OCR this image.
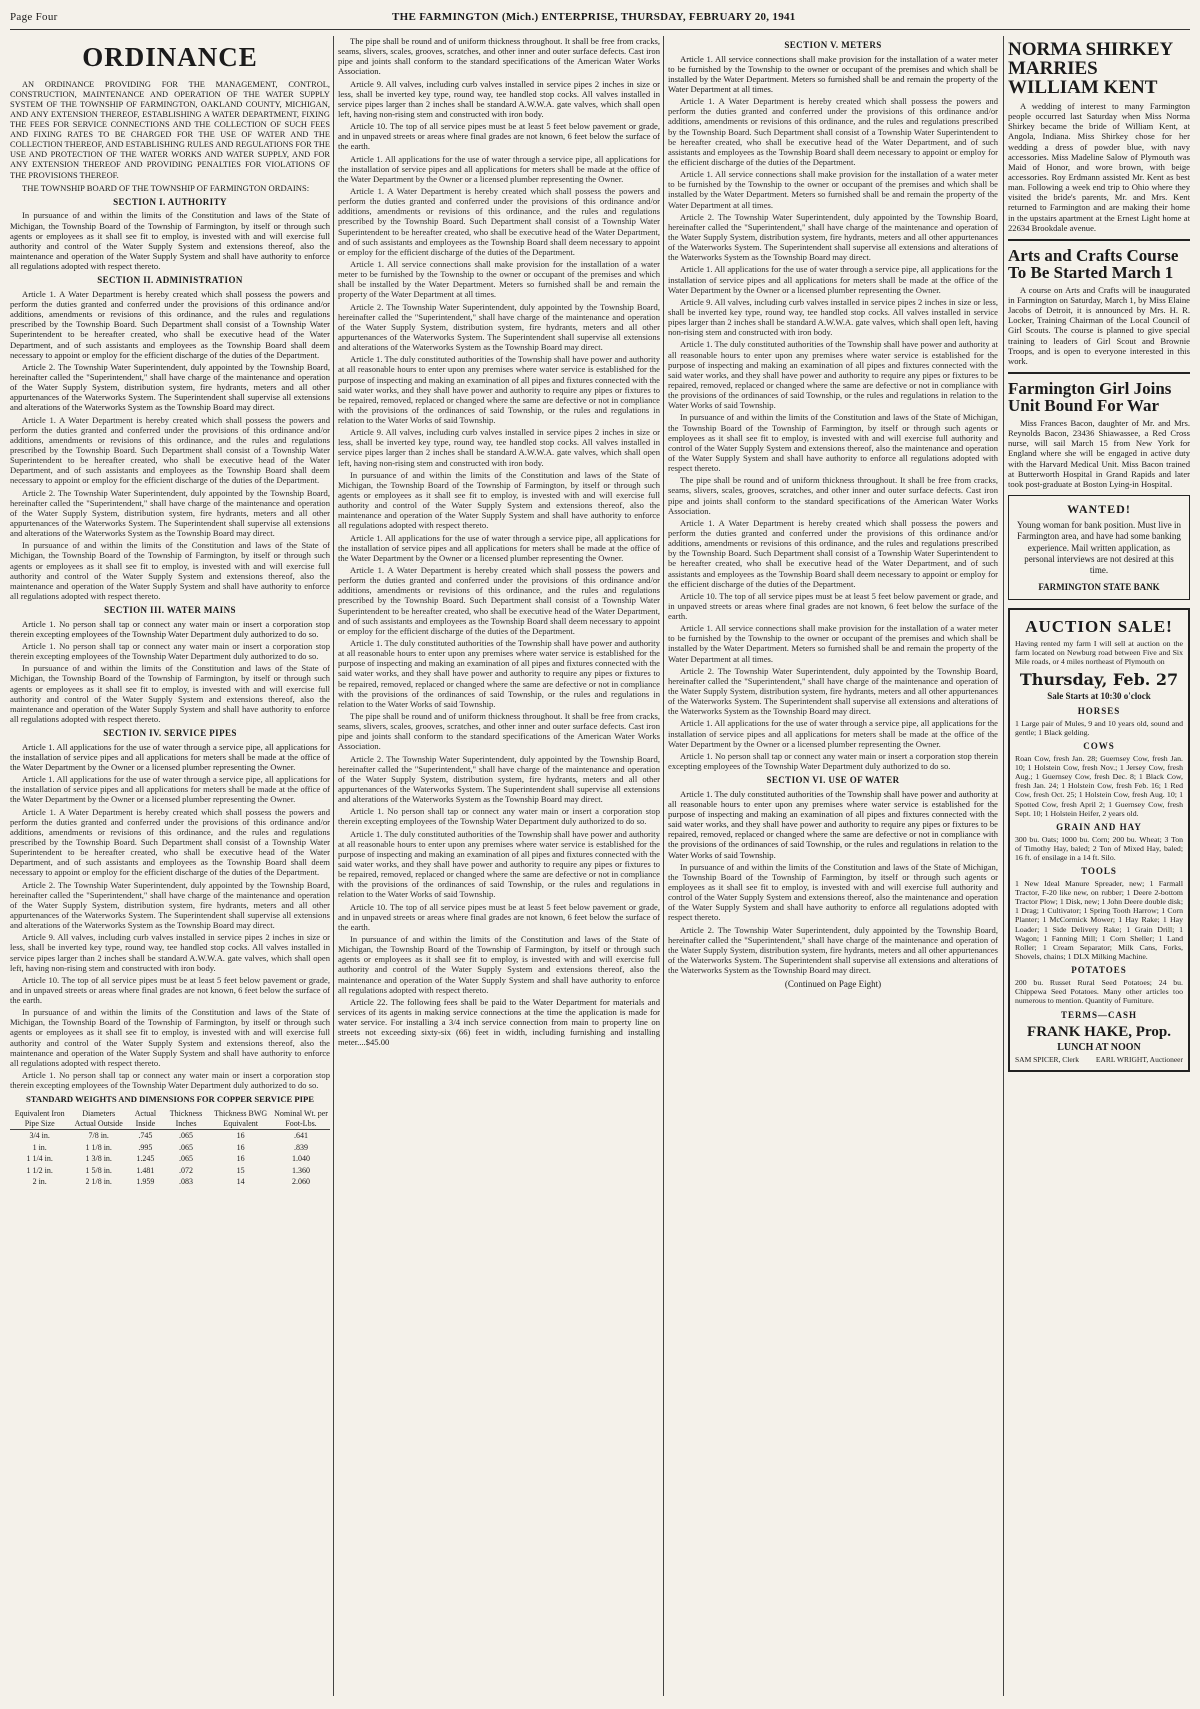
Page Four	THE FARMINGTON (Mich.) ENTERPRISE, THURSDAY, FEBRUARY 20, 1941
ORDINANCE

AN ORDINANCE PROVIDING FOR THE MANAGEMENT, CONTROL, CONSTRUCTION, MAINTENANCE AND OPERATION OF THE WATER SUPPLY SYSTEM OF THE TOWNSHIP OF FARMINGTON, OAKLAND COUNTY, MICHIGAN, AND ANY EXTENSION THEREOF, ESTABLISHING A WATER DEPARTMENT, FIXING THE FEES FOR SERVICE CONNECTIONS AND THE COLLECTION OF SUCH FEES AND FIXING RATES TO BE CHARGED FOR THE USE OF WATER AND THE COLLECTION THEREOF, AND ESTABLISHING RULES AND REGULATIONS FOR THE USE AND PROTECTION OF THE WATER WORKS AND WATER SUPPLY, AND FOR ANY EXTENSION THEREOF AND PROVIDING PENALTIES FOR VIOLATIONS OF THE PROVISIONS THEREOF.

THE TOWNSHIP BOARD OF THE TOWNSHIP OF FARMINGTON ORDAINS:

SECTION I. AUTHORITY

In pursuance of and within the limits of the Constitution and laws of the State of Michigan, the Township Board of the Township of Farmington, by itself or through such agents or employees as it shall see fit to employ, is invested with and will exercise full authority and control of the Water Supply System and extensions thereof, also the maintenance and operation of the Water Supply System and shall have authority to enforce all regulations adopted with respect thereto.

SECTION II. ADMINISTRATION

Article 1. A Water Department is hereby created which shall possess the powers and perform the duties granted and conferred under the provisions of this ordinance and/or additions, amendments or revisions of this ordinance, and the rules and regulations prescribed by the Township Board. Such Department shall consist of a Township Water Superintendent to be hereafter created, who shall be executive head of the Water Department, and of such assistants and employees as the Township Board shall deem necessary to appoint or employ for the efficient discharge of the duties of the Department.

Article 2. The Township Water Superintendent, duly appointed by the Township Board, hereinafter called the "Superintendent," shall have charge of the maintenance and operation of the Water Supply System, distribution system, fire hydrants, meters and all other appurtenances of the Waterworks System. The Superintendent shall supervise all extensions and alterations of the Waterworks System as the Township Board may direct.

Article 1. A Water Department is hereby created which shall possess the powers and perform the duties granted and conferred under the provisions of this ordinance and/or additions, amendments or revisions of this ordinance, and the rules and regulations prescribed by the Township Board. Such Department shall consist of a Township Water Superintendent to be hereafter created, who shall be executive head of the Water Department, and of such assistants and employees as the Township Board shall deem necessary to appoint or employ for the efficient discharge of the duties of the Department.
Article 2. The Township Water Superintendent, duly appointed by the Township Board, hereinafter called the "Superintendent," shall have charge of the maintenance and operation of the Water Supply System, distribution system, fire hydrants, meters and all other appurtenances of the Waterworks System. The Superintendent shall supervise all extensions and alterations of the Waterworks System as the Township Board may direct.
In pursuance of and within the limits of the Constitution and laws of the State of Michigan, the Township Board of the Township of Farmington, by itself or through such agents or employees as it shall see fit to employ, is invested with and will exercise full authority and control of the Water Supply System and extensions thereof, also the maintenance and operation of the Water Supply System and shall have authority to enforce all regulations adopted with respect thereto.
SECTION III. WATER MAINS

Article 1. No person shall tap or connect any water main or insert a corporation stop therein excepting employees of the Township Water Department duly authorized to do so.

Article 1. No person shall tap or connect any water main or insert a corporation stop therein excepting employees of the Township Water Department duly authorized to do so.
In pursuance of and within the limits of the Constitution and laws of the State of Michigan, the Township Board of the Township of Farmington, by itself or through such agents or employees as it shall see fit to employ, is invested with and will exercise full authority and control of the Water Supply System and extensions thereof, also the maintenance and operation of the Water Supply System and shall have authority to enforce all regulations adopted with respect thereto.
SECTION IV. SERVICE PIPES

Article 1. All applications for the use of water through a service pipe, all applications for the installation of service pipes and all applications for meters shall be made at the office of the Water Department by the Owner or a licensed plumber representing the Owner.

Article 1. All applications for the use of water through a service pipe, all applications for the installation of service pipes and all applications for meters shall be made at the office of the Water Department by the Owner or a licensed plumber representing the Owner.
Article 1. A Water Department is hereby created which shall possess the powers and perform the duties granted and conferred under the provisions of this ordinance and/or additions, amendments or revisions of this ordinance, and the rules and regulations prescribed by the Township Board. Such Department shall consist of a Township Water Superintendent to be hereafter created, who shall be executive head of the Water Department, and of such assistants and employees as the Township Board shall deem necessary to appoint or employ for the efficient discharge of the duties of the Department.
Article 2. The Township Water Superintendent, duly appointed by the Township Board, hereinafter called the "Superintendent," shall have charge of the maintenance and operation of the Water Supply System, distribution system, fire hydrants, meters and all other appurtenances of the Waterworks System. The Superintendent shall supervise all extensions and alterations of the Waterworks System as the Township Board may direct.
Article 9. All valves, including curb valves installed in service pipes 2 inches in size or less, shall be inverted key type, round way, tee handled stop cocks. All valves installed in service pipes larger than 2 inches shall be standard A.W.W.A. gate valves, which shall open left, having non-rising stem and constructed with iron body.
Article 10. The top of all service pipes must be at least 5 feet below pavement or grade, and in unpaved streets or areas where final grades are not known, 6 feet below the surface of the earth.
In pursuance of and within the limits of the Constitution and laws of the State of Michigan, the Township Board of the Township of Farmington, by itself or through such agents or employees as it shall see fit to employ, is invested with and will exercise full authority and control of the Water Supply System and extensions thereof, also the maintenance and operation of the Water Supply System and shall have authority to enforce all regulations adopted with respect thereto.
Article 1. No person shall tap or connect any water main or insert a corporation stop therein excepting employees of the Township Water Department duly authorized to do so.
STANDARD WEIGHTS AND DIMENSIONS FOR COPPER SERVICE PIPE
Equivalent Iron Pipe Size	Diameters Actual Outside	Actual Inside	Thickness Inches	Thickness BWG Equivalent	Nominal Wt. per Foot-Lbs.
3/4 in.	7/8 in.	.745	.065	16	.641
1 in.	1 1/8 in.	.995	.065	16	.839
1 1/4 in.	1 3/8 in.	1.245	.065	16	1.040
1 1/2 in.	1 5/8 in.	1.481	.072	15	1.360
2 in.	2 1/8 in.	1.959	.083	14	2.060

The pipe shall be round and of uniform thickness throughout. It shall be free from cracks, seams, slivers, scales, grooves, scratches, and other inner and outer surface defects. Cast iron pipe and joints shall conform to the standard specifications of the American Water Works Association.

Article 9. All valves, including curb valves installed in service pipes 2 inches in size or less, shall be inverted key type, round way, tee handled stop cocks. All valves installed in service pipes larger than 2 inches shall be standard A.W.W.A. gate valves, which shall open left, having non-rising stem and constructed with iron body.

Article 10. The top of all service pipes must be at least 5 feet below pavement or grade, and in unpaved streets or areas where final grades are not known, 6 feet below the surface of the earth.

Article 1. All applications for the use of water through a service pipe, all applications for the installation of service pipes and all applications for meters shall be made at the office of the Water Department by the Owner or a licensed plumber representing the Owner.
Article 1. A Water Department is hereby created which shall possess the powers and perform the duties granted and conferred under the provisions of this ordinance and/or additions, amendments or revisions of this ordinance, and the rules and regulations prescribed by the Township Board. Such Department shall consist of a Township Water Superintendent to be hereafter created, who shall be executive head of the Water Department, and of such assistants and employees as the Township Board shall deem necessary to appoint or employ for the efficient discharge of the duties of the Department.
Article 1. All service connections shall make provision for the installation of a water meter to be furnished by the Township to the owner or occupant of the premises and which shall be installed by the Water Department. Meters so furnished shall be and remain the property of the Water Department at all times.
Article 2. The Township Water Superintendent, duly appointed by the Township Board, hereinafter called the "Superintendent," shall have charge of the maintenance and operation of the Water Supply System, distribution system, fire hydrants, meters and all other appurtenances of the Waterworks System. The Superintendent shall supervise all extensions and alterations of the Waterworks System as the Township Board may direct.
Article 1. The duly constituted authorities of the Township shall have power and authority at all reasonable hours to enter upon any premises where water service is established for the purpose of inspecting and making an examination of all pipes and fixtures connected with the said water works, and they shall have power and authority to require any pipes or fixtures to be repaired, removed, replaced or changed where the same are defective or not in compliance with the provisions of the ordinances of said Township, or the rules and regulations in relation to the Water Works of said Township.
Article 9. All valves, including curb valves installed in service pipes 2 inches in size or less, shall be inverted key type, round way, tee handled stop cocks. All valves installed in service pipes larger than 2 inches shall be standard A.W.W.A. gate valves, which shall open left, having non-rising stem and constructed with iron body.
In pursuance of and within the limits of the Constitution and laws of the State of Michigan, the Township Board of the Township of Farmington, by itself or through such agents or employees as it shall see fit to employ, is invested with and will exercise full authority and control of the Water Supply System and extensions thereof, also the maintenance and operation of the Water Supply System and shall have authority to enforce all regulations adopted with respect thereto.
Article 1. All applications for the use of water through a service pipe, all applications for the installation of service pipes and all applications for meters shall be made at the office of the Water Department by the Owner or a licensed plumber representing the Owner.
Article 1. A Water Department is hereby created which shall possess the powers and perform the duties granted and conferred under the provisions of this ordinance and/or additions, amendments or revisions of this ordinance, and the rules and regulations prescribed by the Township Board. Such Department shall consist of a Township Water Superintendent to be hereafter created, who shall be executive head of the Water Department, and of such assistants and employees as the Township Board shall deem necessary to appoint or employ for the efficient discharge of the duties of the Department.
Article 1. The duly constituted authorities of the Township shall have power and authority at all reasonable hours to enter upon any premises where water service is established for the purpose of inspecting and making an examination of all pipes and fixtures connected with the said water works, and they shall have power and authority to require any pipes or fixtures to be repaired, removed, replaced or changed where the same are defective or not in compliance with the provisions of the ordinances of said Township, or the rules and regulations in relation to the Water Works of said Township.
The pipe shall be round and of uniform thickness throughout. It shall be free from cracks, seams, slivers, scales, grooves, scratches, and other inner and outer surface defects. Cast iron pipe and joints shall conform to the standard specifications of the American Water Works Association.
Article 2. The Township Water Superintendent, duly appointed by the Township Board, hereinafter called the "Superintendent," shall have charge of the maintenance and operation of the Water Supply System, distribution system, fire hydrants, meters and all other appurtenances of the Waterworks System. The Superintendent shall supervise all extensions and alterations of the Waterworks System as the Township Board may direct.
Article 1. No person shall tap or connect any water main or insert a corporation stop therein excepting employees of the Township Water Department duly authorized to do so.
Article 1. The duly constituted authorities of the Township shall have power and authority at all reasonable hours to enter upon any premises where water service is established for the purpose of inspecting and making an examination of all pipes and fixtures connected with the said water works, and they shall have power and authority to require any pipes or fixtures to be repaired, removed, replaced or changed where the same are defective or not in compliance with the provisions of the ordinances of said Township, or the rules and regulations in relation to the Water Works of said Township.
Article 10. The top of all service pipes must be at least 5 feet below pavement or grade, and in unpaved streets or areas where final grades are not known, 6 feet below the surface of the earth.
In pursuance of and within the limits of the Constitution and laws of the State of Michigan, the Township Board of the Township of Farmington, by itself or through such agents or employees as it shall see fit to employ, is invested with and will exercise full authority and control of the Water Supply System and extensions thereof, also the maintenance and operation of the Water Supply System and shall have authority to enforce all regulations adopted with respect thereto.

Article 22. The following fees shall be paid to the Water Department for materials and services of its agents in making service connections at the time the application is made for water service. For installing a 3/4 inch service connection from main to property line on streets not exceeding sixty-six (66) feet in width, including furnishing and installing meter....$45.00

SECTION V. METERS

Article 1. All service connections shall make provision for the installation of a water meter to be furnished by the Township to the owner or occupant of the premises and which shall be installed by the Water Department. Meters so furnished shall be and remain the property of the Water Department at all times.

Article 1. A Water Department is hereby created which shall possess the powers and perform the duties granted and conferred under the provisions of this ordinance and/or additions, amendments or revisions of this ordinance, and the rules and regulations prescribed by the Township Board. Such Department shall consist of a Township Water Superintendent to be hereafter created, who shall be executive head of the Water Department, and of such assistants and employees as the Township Board shall deem necessary to appoint or employ for the efficient discharge of the duties of the Department.
Article 1. All service connections shall make provision for the installation of a water meter to be furnished by the Township to the owner or occupant of the premises and which shall be installed by the Water Department. Meters so furnished shall be and remain the property of the Water Department at all times.
Article 2. The Township Water Superintendent, duly appointed by the Township Board, hereinafter called the "Superintendent," shall have charge of the maintenance and operation of the Water Supply System, distribution system, fire hydrants, meters and all other appurtenances of the Waterworks System. The Superintendent shall supervise all extensions and alterations of the Waterworks System as the Township Board may direct.
Article 1. All applications for the use of water through a service pipe, all applications for the installation of service pipes and all applications for meters shall be made at the office of the Water Department by the Owner or a licensed plumber representing the Owner.
Article 9. All valves, including curb valves installed in service pipes 2 inches in size or less, shall be inverted key type, round way, tee handled stop cocks. All valves installed in service pipes larger than 2 inches shall be standard A.W.W.A. gate valves, which shall open left, having non-rising stem and constructed with iron body.
Article 1. The duly constituted authorities of the Township shall have power and authority at all reasonable hours to enter upon any premises where water service is established for the purpose of inspecting and making an examination of all pipes and fixtures connected with the said water works, and they shall have power and authority to require any pipes or fixtures to be repaired, removed, replaced or changed where the same are defective or not in compliance with the provisions of the ordinances of said Township, or the rules and regulations in relation to the Water Works of said Township.
In pursuance of and within the limits of the Constitution and laws of the State of Michigan, the Township Board of the Township of Farmington, by itself or through such agents or employees as it shall see fit to employ, is invested with and will exercise full authority and control of the Water Supply System and extensions thereof, also the maintenance and operation of the Water Supply System and shall have authority to enforce all regulations adopted with respect thereto.
The pipe shall be round and of uniform thickness throughout. It shall be free from cracks, seams, slivers, scales, grooves, scratches, and other inner and outer surface defects. Cast iron pipe and joints shall conform to the standard specifications of the American Water Works Association.
Article 1. A Water Department is hereby created which shall possess the powers and perform the duties granted and conferred under the provisions of this ordinance and/or additions, amendments or revisions of this ordinance, and the rules and regulations prescribed by the Township Board. Such Department shall consist of a Township Water Superintendent to be hereafter created, who shall be executive head of the Water Department, and of such assistants and employees as the Township Board shall deem necessary to appoint or employ for the efficient discharge of the duties of the Department.
Article 10. The top of all service pipes must be at least 5 feet below pavement or grade, and in unpaved streets or areas where final grades are not known, 6 feet below the surface of the earth.
Article 1. All service connections shall make provision for the installation of a water meter to be furnished by the Township to the owner or occupant of the premises and which shall be installed by the Water Department. Meters so furnished shall be and remain the property of the Water Department at all times.
Article 2. The Township Water Superintendent, duly appointed by the Township Board, hereinafter called the "Superintendent," shall have charge of the maintenance and operation of the Water Supply System, distribution system, fire hydrants, meters and all other appurtenances of the Waterworks System. The Superintendent shall supervise all extensions and alterations of the Waterworks System as the Township Board may direct.
Article 1. All applications for the use of water through a service pipe, all applications for the installation of service pipes and all applications for meters shall be made at the office of the Water Department by the Owner or a licensed plumber representing the Owner.
Article 1. No person shall tap or connect any water main or insert a corporation stop therein excepting employees of the Township Water Department duly authorized to do so.
SECTION VI. USE OF WATER

Article 1. The duly constituted authorities of the Township shall have power and authority at all reasonable hours to enter upon any premises where water service is established for the purpose of inspecting and making an examination of all pipes and fixtures connected with the said water works, and they shall have power and authority to require any pipes or fixtures to be repaired, removed, replaced or changed where the same are defective or not in compliance with the provisions of the ordinances of said Township, or the rules and regulations in relation to the Water Works of said Township.

In pursuance of and within the limits of the Constitution and laws of the State of Michigan, the Township Board of the Township of Farmington, by itself or through such agents or employees as it shall see fit to employ, is invested with and will exercise full authority and control of the Water Supply System and extensions thereof, also the maintenance and operation of the Water Supply System and shall have authority to enforce all regulations adopted with respect thereto.
Article 2. The Township Water Superintendent, duly appointed by the Township Board, hereinafter called the "Superintendent," shall have charge of the maintenance and operation of the Water Supply System, distribution system, fire hydrants, meters and all other appurtenances of the Waterworks System. The Superintendent shall supervise all extensions and alterations of the Waterworks System as the Township Board may direct.
(Continued on Page Eight)
NORMA SHIRKEY MARRIES WILLIAM KENT

A wedding of interest to many Farmington people occurred last Saturday when Miss Norma Shirkey became the bride of William Kent, at Angola, Indiana. Miss Shirkey chose for her wedding a dress of powder blue, with navy accessories. Miss Madeline Salow of Plymouth was Maid of Honor, and wore brown, with beige accessories. Roy Erdmann assisted Mr. Kent as best man. Following a week end trip to Ohio where they visited the bride's parents, Mr. and Mrs. Kent returned to Farmington and are making their home in the upstairs apartment at the Ernest Light home at 22634 Brookdale avenue.

Arts and Crafts Course To Be Started March 1

A course on Arts and Crafts will be inaugurated in Farmington on Saturday, March 1, by Miss Elaine Jacobs of Detroit, it is announced by Mrs. H. R. Locker, Training Chairman of the Local Council of Girl Scouts. The course is planned to give special training to leaders of Girl Scout and Brownie Troops, and is open to everyone interested in this work.

Farmington Girl Joins Unit Bound For War

Miss Frances Bacon, daughter of Mr. and Mrs. Reynolds Bacon, 23436 Shiawassee, a Red Cross nurse, will sail March 15 from New York for England where she will be engaged in active duty with the Harvard Medical Unit. Miss Bacon trained at Butterworth Hospital in Grand Rapids and later took post-graduate at Boston Lying-in Hospital.

WANTED!

Young woman for bank position. Must live in Farmington area, and have had some banking experience. Mail written application, as personal interviews are not desired at this time.

FARMINGTON STATE BANK
AUCTION SALE!
Having rented my farm I will sell at auction on the farm located on Newburg road between Five and Six Mile roads, or 4 miles northeast of Plymouth on
Thursday, Feb. 27
Sale Starts at 10:30 o'clock
HORSES
1 Large pair of Mules, 9 and 10 years old, sound and gentle; 1 Black gelding.
COWS
Roan Cow, fresh Jan. 28; Guernsey Cow, fresh Jan. 10; 1 Holstein Cow, fresh Nov.; 1 Jersey Cow, fresh Aug.; 1 Guernsey Cow, fresh Dec. 8; 1 Black Cow, fresh Jan. 24; 1 Holstein Cow, fresh Feb. 16; 1 Red Cow, fresh Oct. 25; 1 Holstein Cow, fresh Aug. 10; 1 Spotted Cow, fresh April 2; 1 Guernsey Cow, fresh Sept. 10; 1 Holstein Heifer, 2 years old.
GRAIN AND HAY
300 bu. Oats; 1000 bu. Corn; 200 bu. Wheat; 3 Ton of Timothy Hay, baled; 2 Ton of Mixed Hay, baled; 16 ft. of ensilage in a 14 ft. Silo.
TOOLS
1 New Ideal Manure Spreader, new; 1 Farmall Tractor, F-20 like new, on rubber; 1 Deere 2-bottom Tractor Plow; 1 Disk, new; 1 John Deere double disk; 1 Drag; 1 Cultivator; 1 Spring Tooth Harrow; 1 Corn Planter; 1 McCormick Mower; 1 Hay Rake; 1 Hay Loader; 1 Side Delivery Rake; 1 Grain Drill; 1 Wagon; 1 Fanning Mill; 1 Corn Sheller; 1 Land Roller; 1 Cream Separator; Milk Cans, Forks, Shovels, chains; 1 DLX Milking Machine.
POTATOES
200 bu. Russet Rural Seed Potatoes; 24 bu. Chippewa Seed Potatoes. Many other articles too numerous to mention. Quantity of Furniture.
TERMS—CASH
FRANK HAKE, Prop.
LUNCH AT NOON
SAM SPICER, Clerk EARL WRIGHT, Auctioneer
